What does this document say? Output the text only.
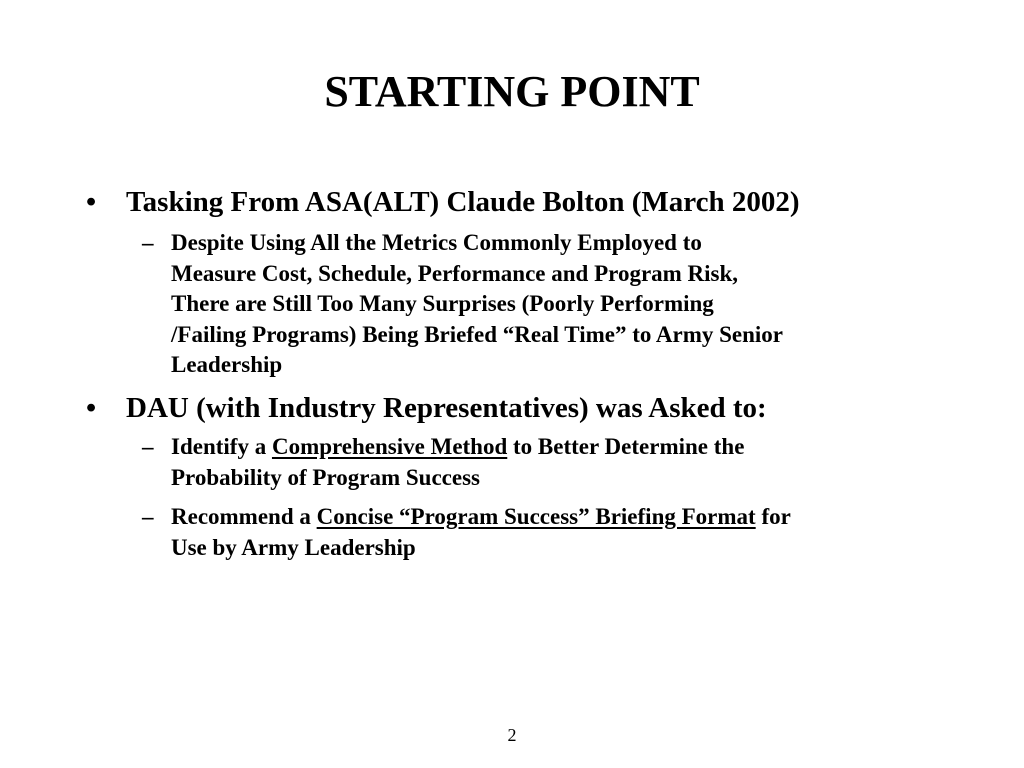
STARTING POINT
•	Tasking From ASA(ALT) Claude Bolton (March 2002)
– Despite Using All the Metrics Commonly Employed to
Measure Cost, Schedule, Performance and Program Risk,
There are Still Too Many Surprises (Poorly Performing
/Failing Programs) Being Briefed “Real Time” to Army Senior
Leadership
•	DAU (with Industry Representatives) was Asked to:
– Identify a Comprehensive Method to Better Determine the
Probability of Program Success
– Recommend a Concise “Program Success” Briefing Format for
Use by Army Leadership
2
